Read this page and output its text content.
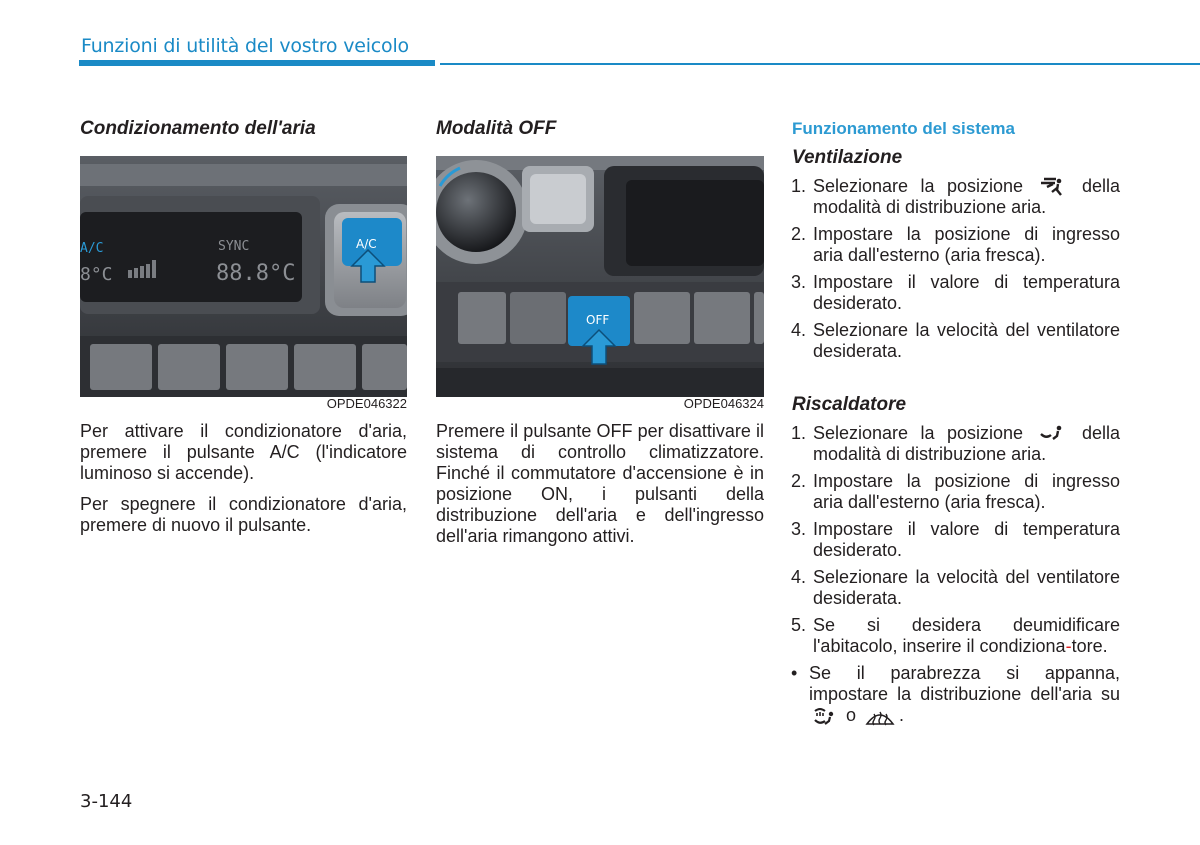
Funzioni di utilità del vostro veicolo
Condizionamento dell'aria
A/C	SYNC
8°C	88.8°C
A/C
OPDE046322

Per attivare il condizionatore d'aria, premere il pulsante A/C (l'indicatore luminoso si accende).

Per spegnere il condizionatore d'aria, premere di nuovo il pulsante.

Modalità OFF
OFF
OPDE046324

Premere il pulsante OFF per disattivare il sistema di controllo climatizzatore. Finché il commutatore d'accensione è in posizione ON, i pulsanti della distribuzione dell'aria e dell'ingresso dell'aria rimangono attivi.

Funzionamento del sistema
Ventilazione
1. Selezionare la posizione	della modalità di distribuzione aria.
2. Impostare la posizione di ingresso aria dall'esterno (aria fresca).
3. Impostare il valore di temperatura desiderato.
4. Selezionare la velocità del ventilatore desiderata.
Riscaldatore
1. Selezionare la posizione	della modalità di distribuzione aria.
2. Impostare la posizione di ingresso aria dall'esterno (aria fresca).
3. Impostare il valore di temperatura desiderato.
4. Selezionare la velocità del ventilatore desiderata.
5. Se si desidera deumidificare l'abitacolo, inserire il condiziona-tore.
• Se il parabrezza si appanna, impostare la distribuzione dell'aria su  o .
3-144
